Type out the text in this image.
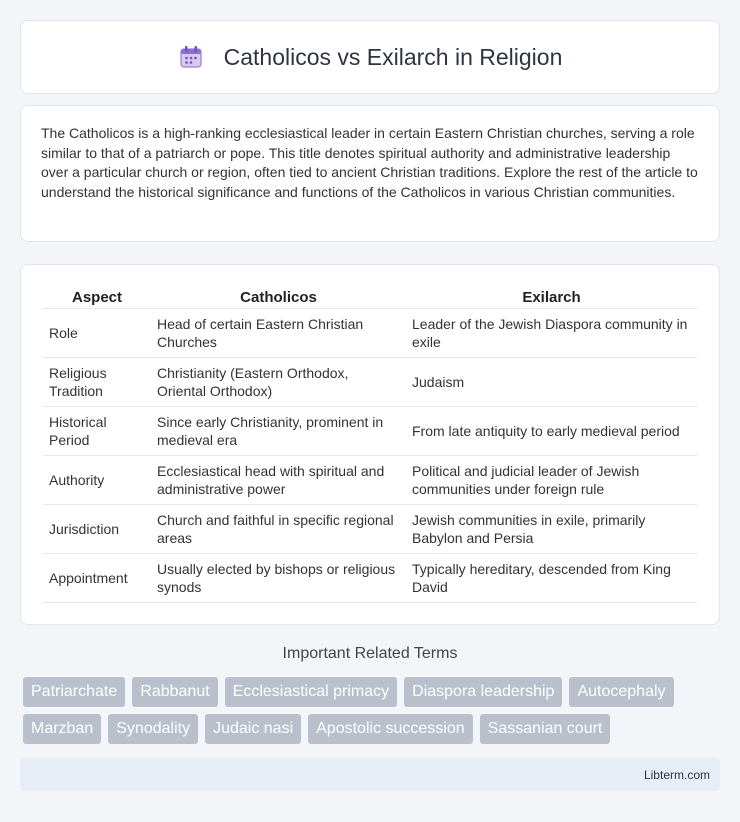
Catholicos vs Exilarch in Religion

The Catholicos is a high-ranking ecclesiastical leader in certain Eastern Christian churches, serving a role similar to that of a patriarch or pope. This title denotes spiritual authority and administrative leadership over a particular church or region, often tied to ancient Christian traditions. Explore the rest of the article to understand the historical significance and functions of the Catholicos in various Christian communities.

Aspect	Catholicos	Exilarch
Role	Head of certain Eastern Christian Churches	Leader of the Jewish Diaspora community in exile
Religious Tradition	Christianity (Eastern Orthodox, Oriental Orthodox)	Judaism
Historical Period	Since early Christianity, prominent in medieval era	From late antiquity to early medieval period
Authority	Ecclesiastical head with spiritual and administrative power	Political and judicial leader of Jewish communities under foreign rule
Jurisdiction	Church and faithful in specific regional areas	Jewish communities in exile, primarily Babylon and Persia
Appointment	Usually elected by bishops or religious synods	Typically hereditary, descended from King David
Important Related Terms
Patriarchate	Rabbanut	Ecclesiastical primacy	Diaspora leadership	Autocephaly
Marzban	Synodality	Judaic nasi	Apostolic succession	Sassanian court
Libterm.com
